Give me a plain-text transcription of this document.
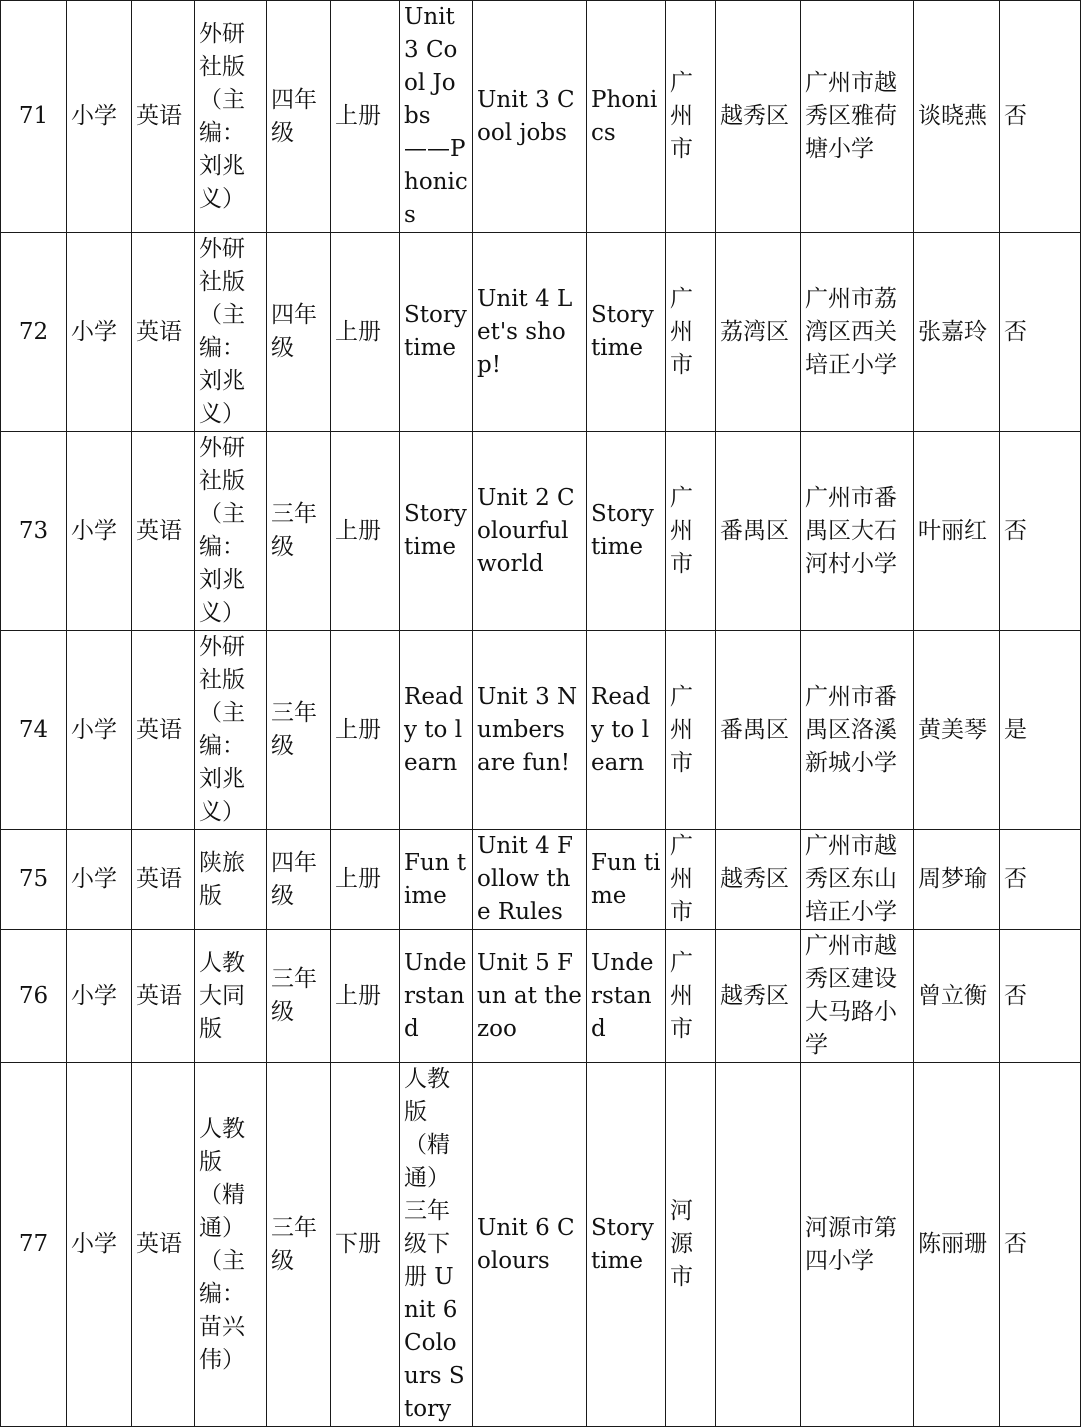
71	小学	英语	外研社版（主编：刘兆义）	四年级	上册	Unit 3 Cool Jobs——Phonics	Unit 3 Cool jobs	Phonics	广州市	越秀区	广州市越秀区雅荷塘小学	谈晓燕	否
72	小学	英语	外研社版（主编：刘兆义）	四年级	上册	Story time	Unit 4 Let's shop!	Story time	广州市	荔湾区	广州市荔湾区西关培正小学	张嘉玲	否
73	小学	英语	外研社版（主编：刘兆义）	三年级	上册	Story time	Unit 2 Colourful world	Story time	广州市	番禺区	广州市番禺区大石河村小学	叶丽红	否
74	小学	英语	外研社版（主编：刘兆义）	三年级	上册	Ready to learn	Unit 3 Numbers are fun!	Ready to learn	广州市	番禺区	广州市番禺区洛溪新城小学	黄美琴	是
75	小学	英语	陕旅版	四年级	上册	Fun time	Unit 4 Follow the Rules	Fun time	广州市	越秀区	广州市越秀区东山培正小学	周梦瑜	否
76	小学	英语	人教大同版	三年级	上册	Understand	Unit 5 Fun at the zoo	Understand	广州市	越秀区	广州市越秀区建设大马路小学	曾立衡	否
77	小学	英语	人教版（精通）（主编：苗兴伟）	三年级	下册	人教版（精通）三年级下册 Unit 6 Colours Story	Unit 6 Colours	Story time	河源市		河源市第四小学	陈丽珊	否
